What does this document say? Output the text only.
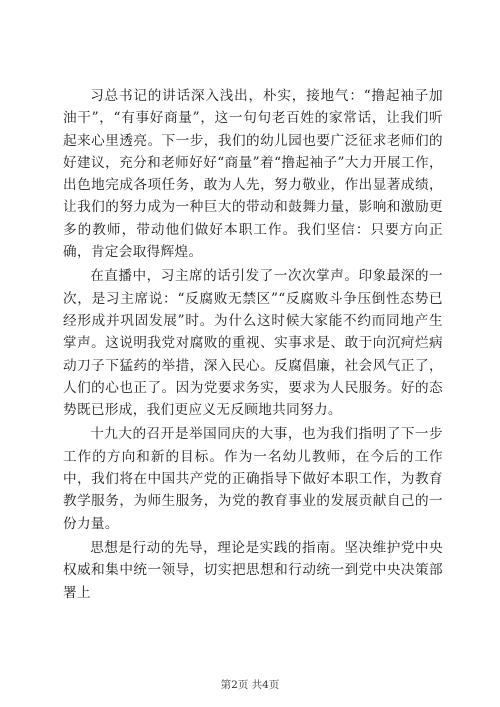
习总书记的讲话深入浅出，朴实，接地气：“撸起袖子加油干”，“有事好商量”，这一句句老百姓的家常话，让我们听起来心里透亮。下一步，我们的幼儿园也要广泛征求老师们的好建议，充分和老师好好“商量”着“撸起袖子”大力开展工作，出色地完成各项任务，敢为人先，努力敬业，作出显著成绩，让我们的努力成为一种巨大的带动和鼓舞力量，影响和激励更多的教师，带动他们做好本职工作。我们坚信：只要方向正确，肯定会取得辉煌。

在直播中，习主席的话引发了一次次掌声。印象最深的一次，是习主席说：“反腐败无禁区”“反腐败斗争压倒性态势已经形成并巩固发展”时。为什么这时候大家能不约而同地产生掌声。这说明我党对腐败的重视、实事求是、敢于向沉疴烂病动刀子下猛药的举措，深入民心。反腐倡廉，社会风气正了，人们的心也正了。因为党要求务实，要求为人民服务。好的态势既已形成，我们更应义无反顾地共同努力。

十九大的召开是举国同庆的大事，也为我们指明了下一步工作的方向和新的目标。作为一名幼儿教师，在今后的工作中，我们将在中国共产党的正确指导下做好本职工作，为教育教学服务，为师生服务，为党的教育事业的发展贡献自己的一份力量。

思想是行动的先导，理论是实践的指南。坚决维护党中央权威和集中统一领导，切实把思想和行动统一到党中央决策部署上

第2页 共4页
